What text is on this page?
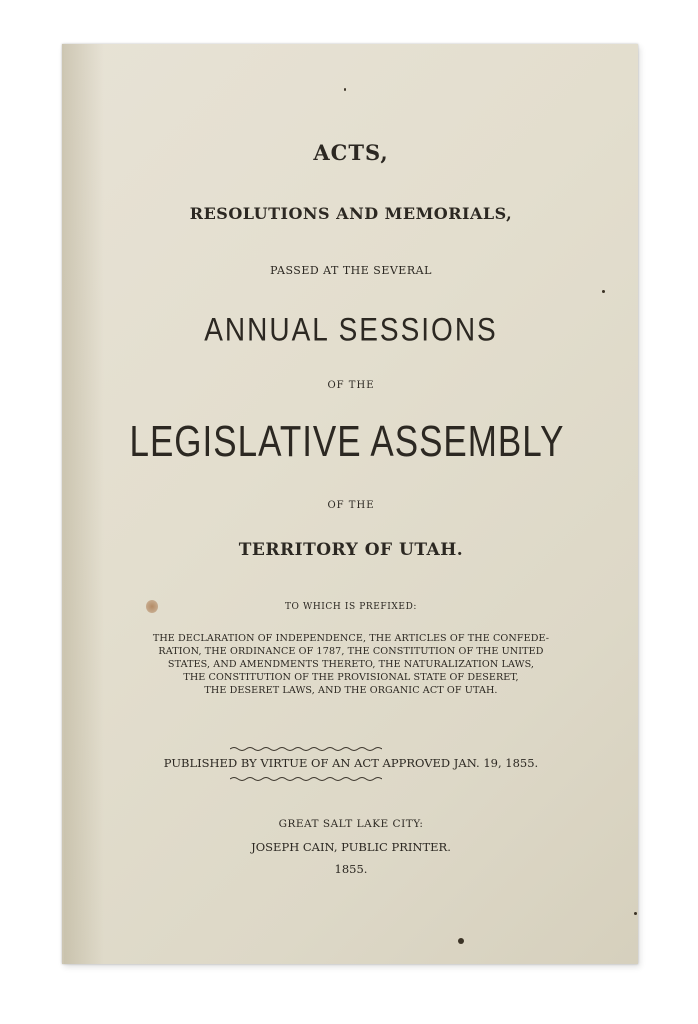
ACTS,
RESOLUTIONS AND MEMORIALS,
PASSED AT THE SEVERAL
ANNUAL SESSIONS
OF THE
LEGISLATIVE ASSEMBLY
OF THE
TERRITORY OF UTAH.
TO WHICH IS PREFIXED:
THE DECLARATION OF INDEPENDENCE, THE ARTICLES OF THE CONFEDE-
RATION, THE ORDINANCE OF 1787, THE CONSTITUTION OF THE UNITED
STATES, AND AMENDMENTS THERETO, THE NATURALIZATION LAWS,
THE CONSTITUTION OF THE PROVISIONAL STATE OF DESERET,
THE DESERET LAWS, AND THE ORGANIC ACT OF UTAH.
PUBLISHED BY VIRTUE OF AN ACT APPROVED JAN. 19, 1855.
GREAT SALT LAKE CITY:
JOSEPH CAIN, PUBLIC PRINTER.
1855.
